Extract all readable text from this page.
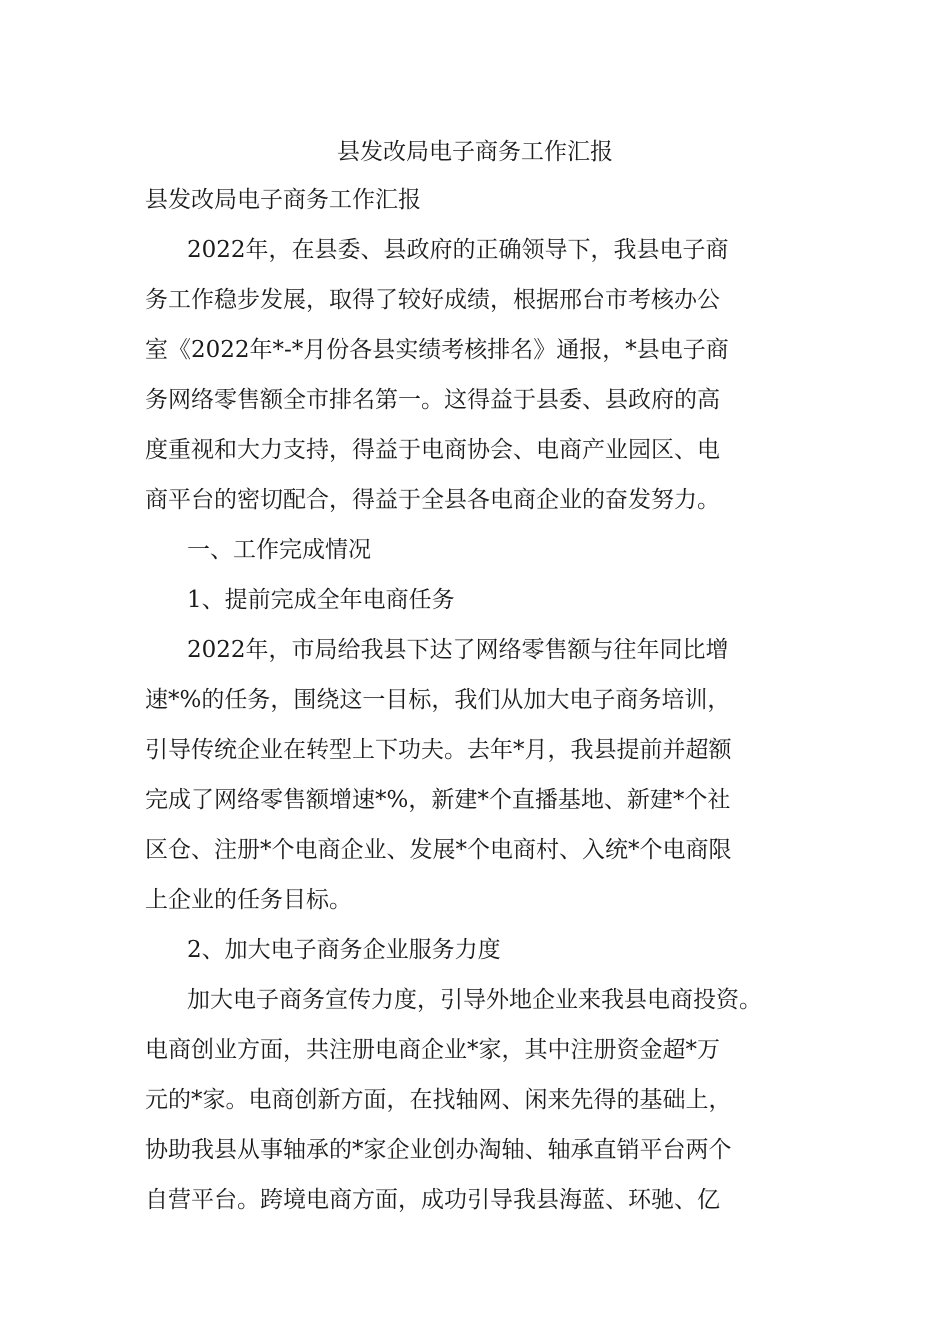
县发改局电子商务工作汇报
县发改局电子商务工作汇报
2022年，在县委、县政府的正确领导下，我县电子商
务工作稳步发展，取得了较好成绩，根据邢台市考核办公
室《2022年*-*月份各县实绩考核排名》通报，*县电子商
务网络零售额全市排名第一。这得益于县委、县政府的高
度重视和大力支持，得益于电商协会、电商产业园区、电
商平台的密切配合，得益于全县各电商企业的奋发努力。
一、工作完成情况
1、提前完成全年电商任务
2022年，市局给我县下达了网络零售额与往年同比增
速*%的任务，围绕这一目标，我们从加大电子商务培训，
引导传统企业在转型上下功夫。去年*月，我县提前并超额
完成了网络零售额增速*%，新建*个直播基地、新建*个社
区仓、注册*个电商企业、发展*个电商村、入统*个电商限
上企业的任务目标。
2、加大电子商务企业服务力度
加大电子商务宣传力度，引导外地企业来我县电商投资。
电商创业方面，共注册电商企业*家，其中注册资金超*万
元的*家。电商创新方面，在找轴网、闲来先得的基础上，
协助我县从事轴承的*家企业创办淘轴、轴承直销平台两个
自营平台。跨境电商方面，成功引导我县海蓝、环驰、亿
